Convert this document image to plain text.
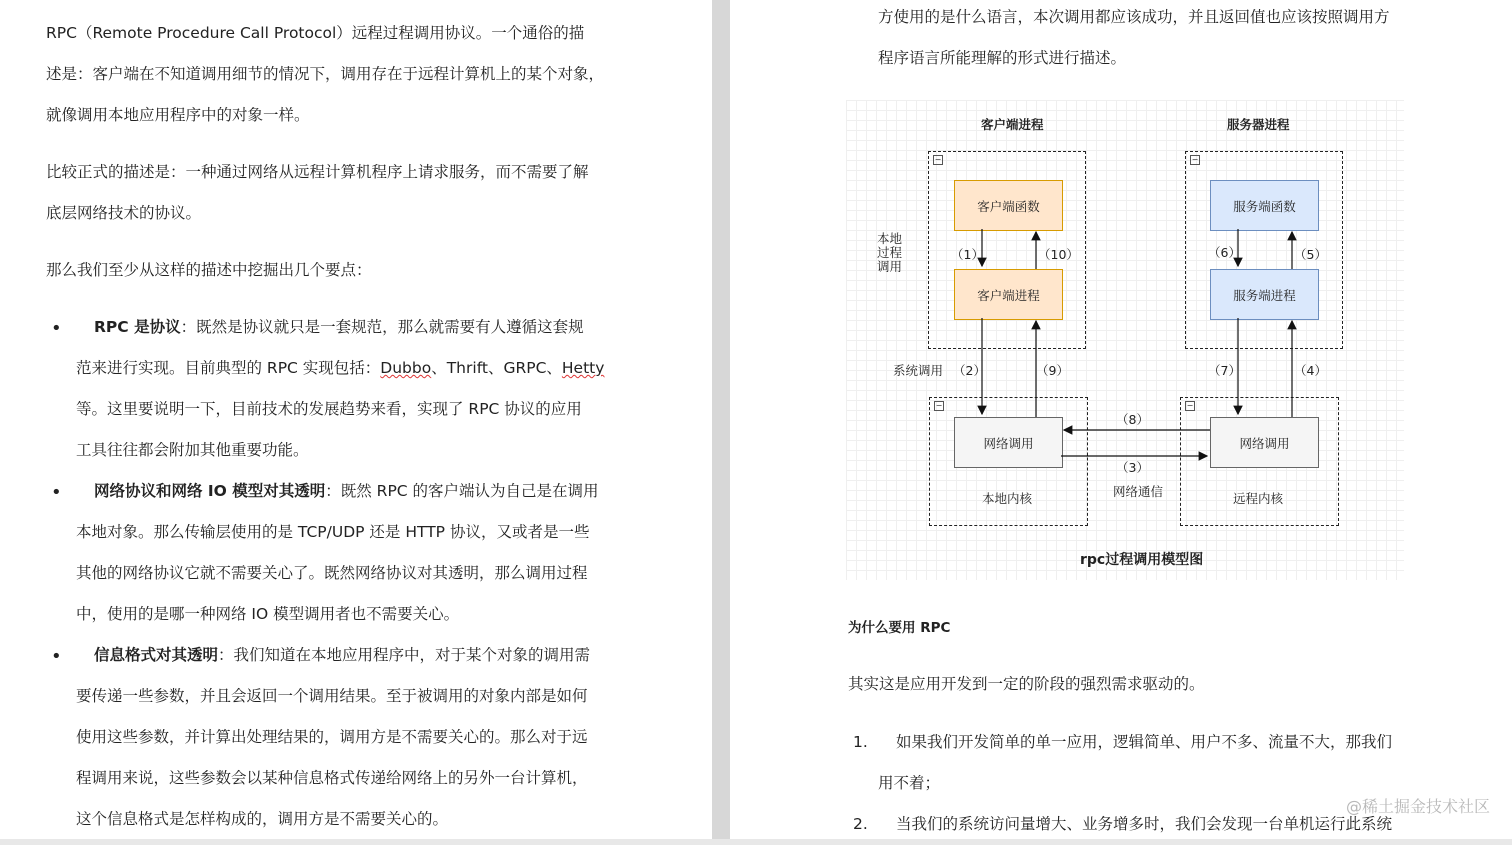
RPC（Remote Procedure Call Protocol）远程过程调用协议。一个通俗的描
述是：客户端在不知道调用细节的情况下，调用存在于远程计算机上的某个对象，
就像调用本地应用程序中的对象一样。

比较正式的描述是：一种通过网络从远程计算机程序上请求服务，而不需要了解
底层网络技术的协议。

那么我们至少从这样的描述中挖掘出几个要点：

•	RPC 是协议：既然是协议就只是一套规范，那么就需要有人遵循这套规
范来进行实现。目前典型的 RPC 实现包括：Dubbo、Thrift、GRPC、Hetty
等。这里要说明一下，目前技术的发展趋势来看，实现了 RPC 协议的应用
工具往往都会附加其他重要功能。

•	网络协议和网络 IO 模型对其透明：既然 RPC 的客户端认为自己是在调用
本地对象。那么传输层使用的是 TCP/UDP 还是 HTTP 协议，又或者是一些
其他的网络协议它就不需要关心了。既然网络协议对其透明，那么调用过程
中，使用的是哪一种网络 IO 模型调用者也不需要关心。

•	信息格式对其透明：我们知道在本地应用程序中，对于某个对象的调用需
要传递一些参数，并且会返回一个调用结果。至于被调用的对象内部是如何
使用这些参数，并计算出处理结果的，调用方是不需要关心的。那么对于远
程调用来说，这些参数会以某种信息格式传递给网络上的另外一台计算机，
这个信息格式是怎样构成的，调用方是不需要关心的。

方使用的是什么语言，本次调用都应该成功，并且返回值也应该按照调用方
程序语言所能理解的形式进行描述。

客户端进程	服务器进程
−	−
−	−
客户端函数
客户端进程
服务端函数
服务端进程
网络调用	网络调用
本地内核	远程内核
本地
过程
调用
系统调用
网络通信
（1）	（10）
（2）	（9）
（6）	（5）
（7）	（4）
（8）
（3）
rpc过程调用模型图
为什么要用 RPC

其实这是应用开发到一定的阶段的强烈需求驱动的。

1.	如果我们开发简单的单一应用，逻辑简单、用户不多、流量不大，那我们
用不着；

2.	当我们的系统访问量增大、业务增多时，我们会发现一台单机运行此系统

@稀土掘金技术社区
